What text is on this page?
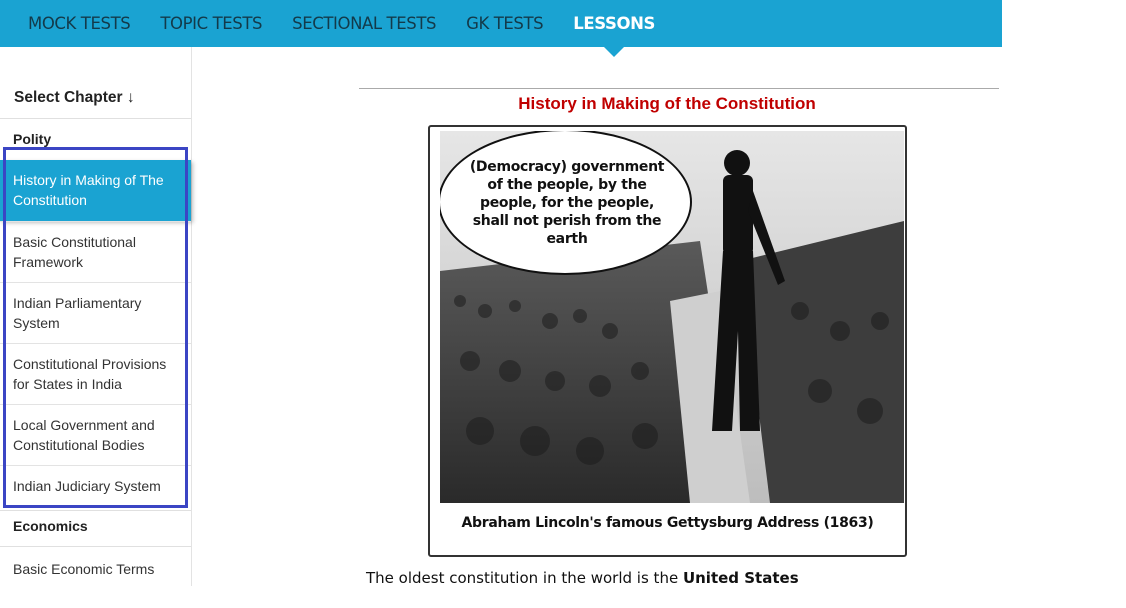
MOCK TESTS TOPIC TESTS SECTIONAL TESTS GK TESTS LESSONS
Select Chapter ↓
Polity
History in Making of The Constitution
Basic Constitutional Framework
Indian Parliamentary System
Constitutional Provisions for States in India
Local Government and Constitutional Bodies
Indian Judiciary System
Economics
Basic Economic Terms
History in Making of the Constitution
(Democracy) government of the people, by the people, for the people, shall not perish from the earth
Abraham Lincoln's famous Gettysburg Address (1863)
The oldest constitution in the world is the United States
